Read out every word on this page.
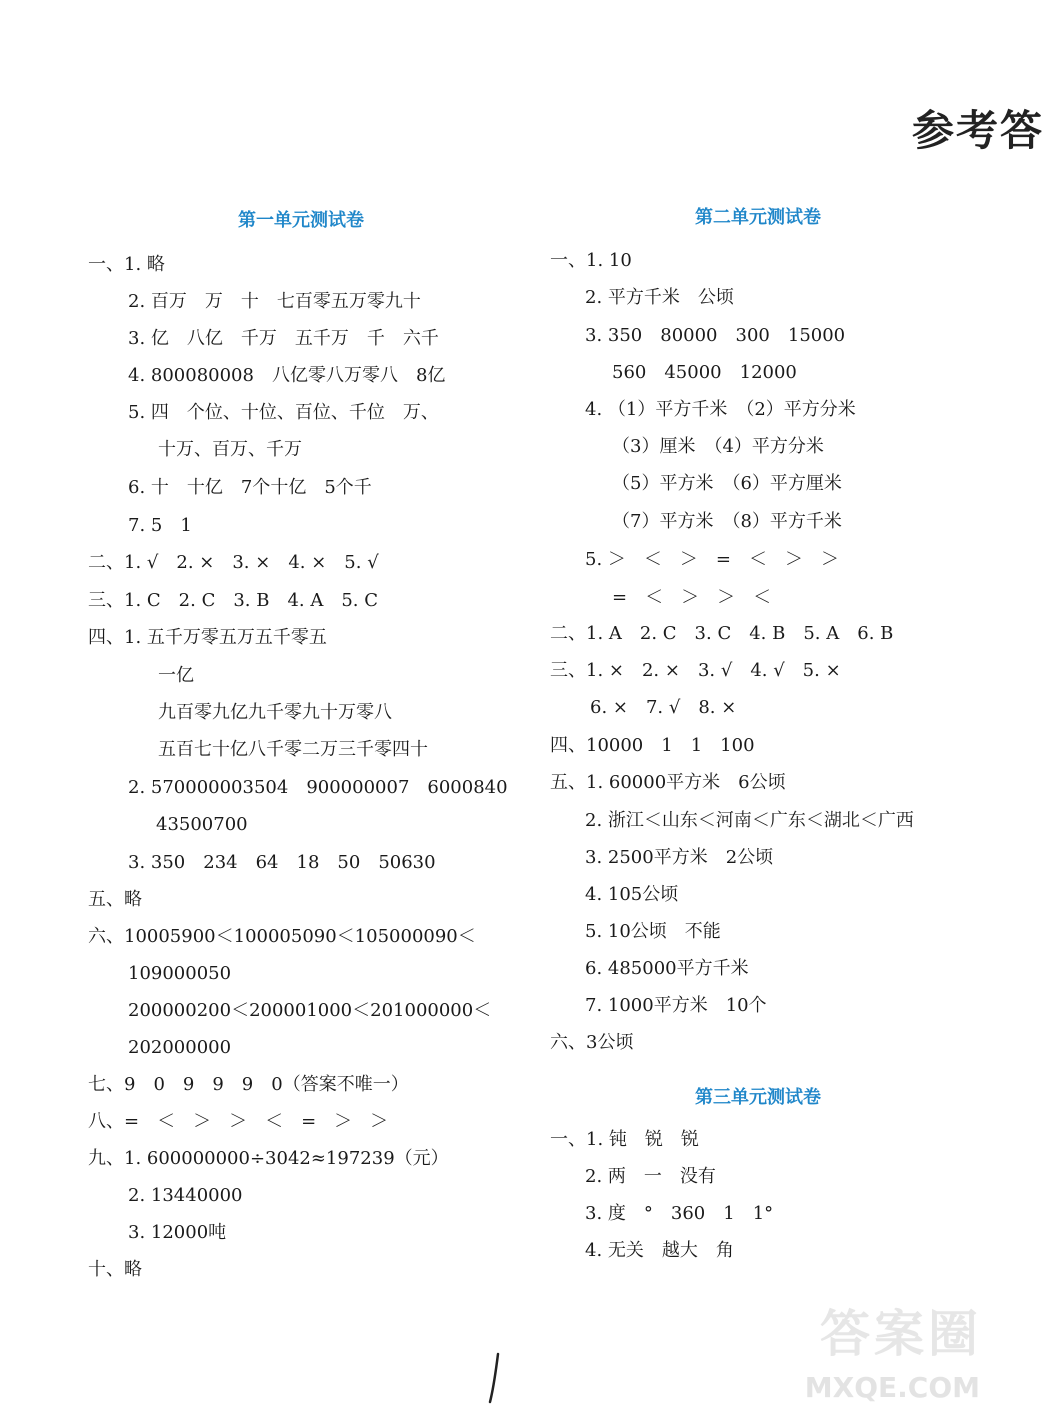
参考答
第一单元测试卷
一、1. 略
2. 百万　万　十　七百零五万零九十
3. 亿　八亿　千万　五千万　千　六千
4. 800080008　八亿零八万零八　8亿
5. 四　个位、十位、百位、千位　万、
十万、百万、千万
6. 十　十亿　7个十亿　5个千
7. 5　1
二、1. √　2. ×　3. ×　4. ×　5. √
三、1. C　2. C　3. B　4. A　5. C
四、1. 五千万零五万五千零五
一亿
九百零九亿九千零九十万零八
五百七十亿八千零二万三千零四十
2. 570000003504　900000007　6000840
43500700
3. 350　234　64　18　50　50630
五、略
六、10005900＜100005090＜105000090＜
109000050
200000200＜200001000＜201000000＜
202000000
七、9　0　9　9　9　0（答案不唯一）
八、=　＜　＞　＞　＜　=　＞　＞
九、1. 600000000÷3042≈197239（元）
2. 13440000
3. 12000吨
十、略
第二单元测试卷
一、1. 10
2. 平方千米　公顷
3. 350　80000　300　15000
560　45000　12000
4. （1）平方千米　（2）平方分米
（3）厘米　（4）平方分米
（5）平方米　（6）平方厘米
（7）平方米　（8）平方千米
5. ＞　＜　＞　=　＜　＞　＞
=　＜　＞　＞　＜
二、1. A　2. C　3. C　4. B　5. A　6. B
三、1. ×　2. ×　3. √　4. √　5. ×
6. ×　7. √　8. ×
四、10000　1　1　100
五、1. 60000平方米　6公顷
2. 浙江＜山东＜河南＜广东＜湖北＜广西
3. 2500平方米　2公顷
4. 105公顷
5. 10公顷　不能
6. 485000平方千米
7. 1000平方米　10个
六、3公顷
第三单元测试卷
一、1. 钝　锐　锐
2. 两　一　没有
3. 度　°　360　1　1°
4. 无关　越大　角
答案圈
MXQE.COM
